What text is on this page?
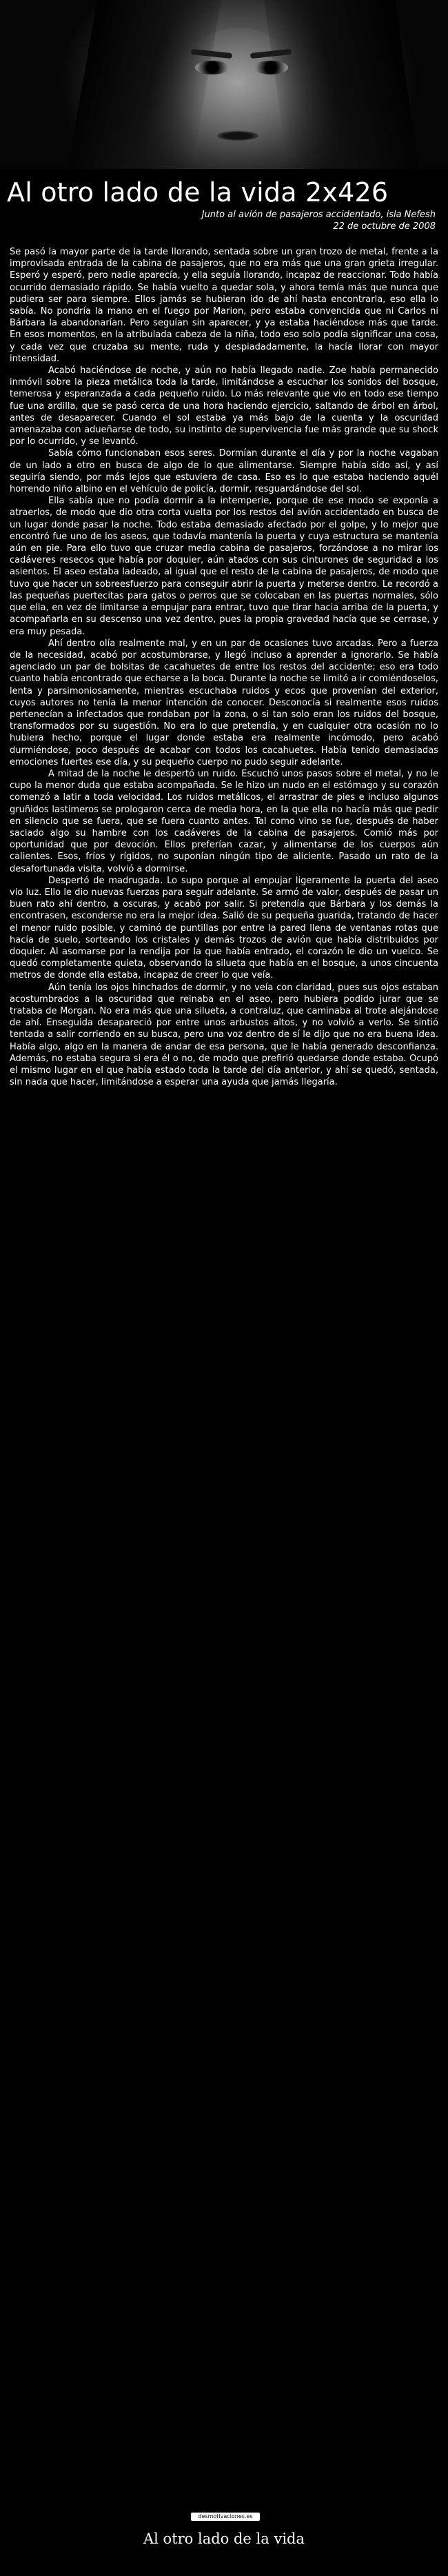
Al otro lado de la vida 2x426
Junto al avión de pasajeros accidentado, isla Nefesh
22 de octubre de 2008

Se pasó la mayor parte de la tarde llorando, sentada sobre un gran trozo de metal, frente a la improvisada entrada de la cabina de pasajeros, que no era más que una gran grieta irregular. Esperó y esperó, pero nadie aparecía, y ella seguía llorando, incapaz de reaccionar. Todo había ocurrido demasiado rápido. Se había vuelto a quedar sola, y ahora temía más que nunca que pudiera ser para siempre. Ellos jamás se hubieran ido de ahí hasta encontrarla, eso ella lo sabía. No pondría la mano en el fuego por Marion, pero estaba convencida que ni Carlos ni Bárbara la abandonarían. Pero seguían sin aparecer, y ya estaba haciéndose más que tarde. En esos momentos, en la atribulada cabeza de la niña, todo eso solo podía significar una cosa, y cada vez que cruzaba su mente, ruda y despiadadamente, la hacía llorar con mayor intensidad.

Acabó haciéndose de noche, y aún no había llegado nadie. Zoe había permanecido inmóvil sobre la pieza metálica toda la tarde, limitándose a escuchar los sonidos del bosque, temerosa y esperanzada a cada pequeño ruido. Lo más relevante que vio en todo ese tiempo fue una ardilla, que se pasó cerca de una hora haciendo ejercicio, saltando de árbol en árbol, antes de desaparecer. Cuando el sol estaba ya más bajo de la cuenta y la oscuridad amenazaba con adueñarse de todo, su instinto de supervivencia fue más grande que su shock por lo ocurrido, y se levantó.

Sabía cómo funcionaban esos seres. Dormían durante el día y por la noche vagaban de un lado a otro en busca de algo de lo que alimentarse. Siempre había sido así, y así seguiría siendo, por más lejos que estuviera de casa. Eso es lo que estaba haciendo aquél horrendo niño albino en el vehículo de policía, dormir, resguardándose del sol.

Ella sabía que no podía dormir a la intemperie, porque de ese modo se exponía a atraerlos, de modo que dio otra corta vuelta por los restos del avión accidentado en busca de un lugar donde pasar la noche. Todo estaba demasiado afectado por el golpe, y lo mejor que encontró fue uno de los aseos, que todavía mantenía la puerta y cuya estructura se mantenía aún en pie. Para ello tuvo que cruzar media cabina de pasajeros, forzándose a no mirar los cadáveres resecos que había por doquier, aún atados con sus cinturones de seguridad a los asientos. El aseo estaba ladeado, al igual que el resto de la cabina de pasajeros, de modo que tuvo que hacer un sobreesfuerzo para conseguir abrir la puerta y meterse dentro. Le recordó a las pequeñas puertecitas para gatos o perros que se colocaban en las puertas normales, sólo que ella, en vez de limitarse a empujar para entrar, tuvo que tirar hacia arriba de la puerta, y acompañarla en su descenso una vez dentro, pues la propia gravedad hacía que se cerrase, y era muy pesada.

Ahí dentro olía realmente mal, y en un par de ocasiones tuvo arcadas. Pero a fuerza de la necesidad, acabó por acostumbrarse, y llegó incluso a aprender a ignorarlo. Se había agenciado un par de bolsitas de cacahuetes de entre los restos del accidente; eso era todo cuanto había encontrado que echarse a la boca. Durante la noche se limitó a ir comiéndoselos, lenta y parsimoniosamente, mientras escuchaba ruidos y ecos que provenían del exterior, cuyos autores no tenía la menor intención de conocer. Desconocía si realmente esos ruidos pertenecían a infectados que rondaban por la zona, o si tan solo eran los ruidos del bosque, transformados por su sugestión. No era lo que pretendía, y en cualquier otra ocasión no lo hubiera hecho, porque el lugar donde estaba era realmente incómodo, pero acabó durmiéndose, poco después de acabar con todos los cacahuetes. Había tenido demasiadas emociones fuertes ese día, y su pequeño cuerpo no pudo seguir adelante.

A mitad de la noche le despertó un ruido. Escuchó unos pasos sobre el metal, y no le cupo la menor duda que estaba acompañada. Se le hizo un nudo en el estómago y su corazón comenzó a latir a toda velocidad. Los ruidos metálicos, el arrastrar de pies e incluso algunos gruñidos lastimeros se prologaron cerca de media hora, en la que ella no hacía más que pedir en silencio que se fuera, que se fuera cuanto antes. Tal como vino se fue, después de haber saciado algo su hambre con los cadáveres de la cabina de pasajeros. Comió más por oportunidad que por devoción. Ellos preferían cazar, y alimentarse de los cuerpos aún calientes. Esos, fríos y rígidos, no suponían ningún tipo de aliciente. Pasado un rato de la desafortunada visita, volvió a dormirse.

Despertó de madrugada. Lo supo porque al empujar ligeramente la puerta del aseo vio luz. Ello le dio nuevas fuerzas para seguir adelante. Se armó de valor, después de pasar un buen rato ahí dentro, a oscuras, y acabó por salir. Si pretendía que Bárbara y los demás la encontrasen, esconderse no era la mejor idea. Salió de su pequeña guarida, tratando de hacer el menor ruido posible, y caminó de puntillas por entre la pared llena de ventanas rotas que hacía de suelo, sorteando los cristales y demás trozos de avión que había distribuidos por doquier. Al asomarse por la rendija por la que había entrado, el corazón le dio un vuelco. Se quedó completamente quieta, observando la silueta que había en el bosque, a unos cincuenta metros de donde ella estaba, incapaz de creer lo que veía.

Aún tenía los ojos hinchados de dormir, y no veía con claridad, pues sus ojos estaban acostumbrados a la oscuridad que reinaba en el aseo, pero hubiera podido jurar que se trataba de Morgan. No era más que una silueta, a contraluz, que caminaba al trote alejándose de ahí. Enseguida desapareció por entre unos arbustos altos, y no volvió a verlo. Se sintió tentada a salir corriendo en su busca, pero una voz dentro de sí le dijo que no era buena idea. Había algo, algo en la manera de andar de esa persona, que le había generado desconfianza. Además, no estaba segura si era él o no, de modo que prefirió quedarse donde estaba. Ocupó el mismo lugar en el que había estado toda la tarde del día anterior, y ahí se quedó, sentada, sin nada que hacer, limitándose a esperar una ayuda que jamás llegaría.

desmotivaciones.es
Al otro lado de la vida
